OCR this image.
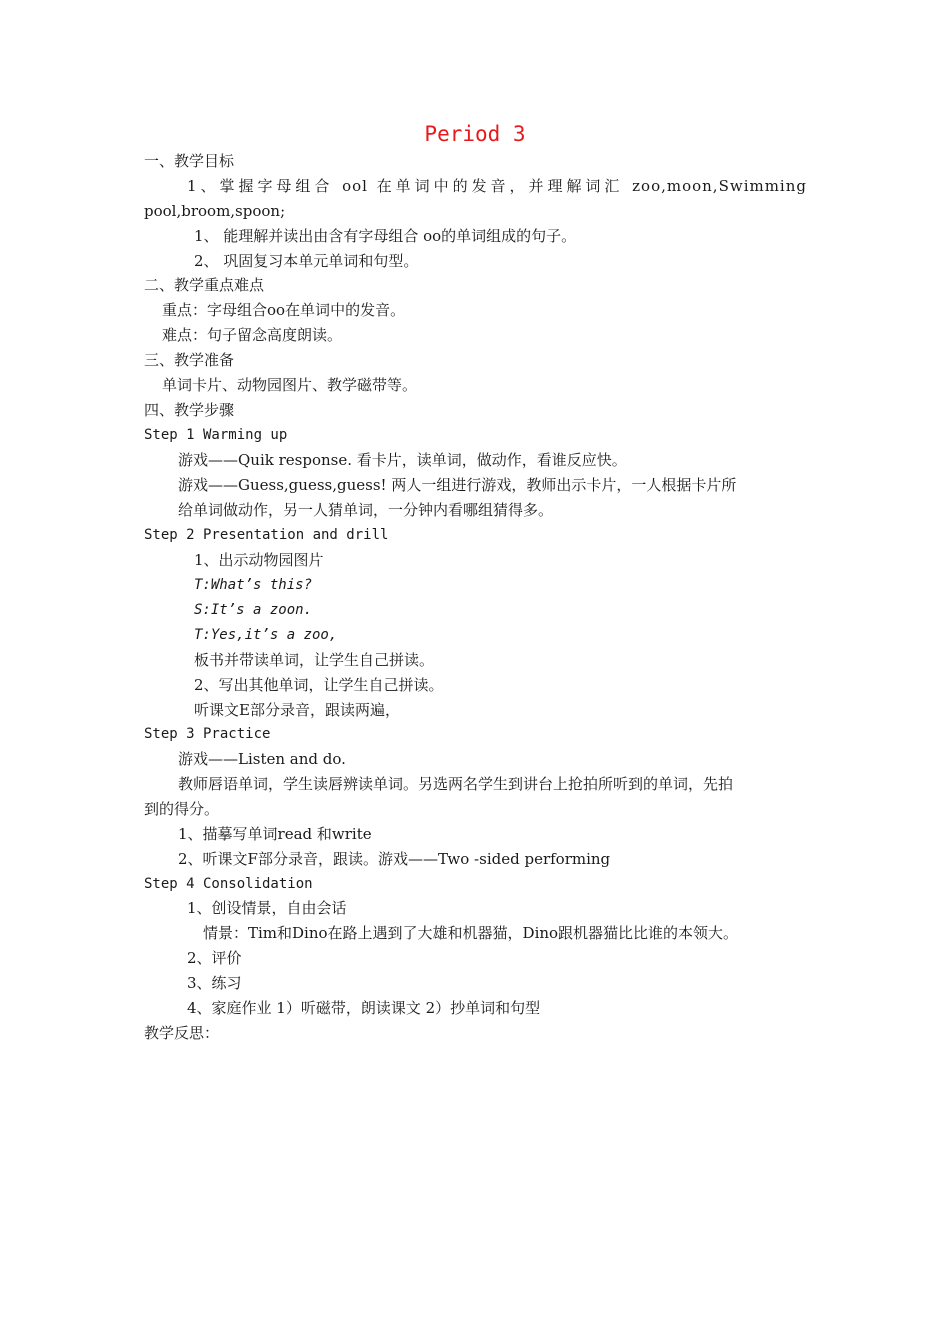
Period 3
一、教学目标
1、掌握字母组合 ool 在单词中的发音，并理解词汇 zoo,moon,Swimming
pool,broom,spoon;
1、 能理解并读出由含有字母组合 oo的单词组成的句子。
2、 巩固复习本单元单词和句型。
二、教学重点难点
重点：字母组合oo在单词中的发音。
难点：句子留念高度朗读。
三、教学准备
单词卡片、动物园图片、教学磁带等。
四、教学步骤
Step 1 Warming up
游戏——Quik response. 看卡片，读单词，做动作，看谁反应快。
游戏——Guess,guess,guess! 两人一组进行游戏，教师出示卡片，一人根据卡片所
给单词做动作，另一人猜单词，一分钟内看哪组猜得多。
Step 2 Presentation and drill
1、出示动物园图片
T:What’s this?
S:It’s a zoon.
T:Yes,it’s a zoo,
板书并带读单词，让学生自己拼读。
2、写出其他单词，让学生自己拼读。
听课文E部分录音，跟读两遍，
Step 3 Practice
游戏——Listen and do.
教师唇语单词，学生读唇辨读单词。另选两名学生到讲台上抢拍所听到的单词，先拍
到的得分。
1、描摹写单词read 和write
2、听课文F部分录音，跟读。游戏——Two -sided performing
Step 4 Consolidation
1、创设情景，自由会话
情景：Tim和Dino在路上遇到了大雄和机器猫，Dino跟机器猫比比谁的本领大。
2、评价
3、练习
4、家庭作业 1）听磁带，朗读课文 2）抄单词和句型
教学反思：
